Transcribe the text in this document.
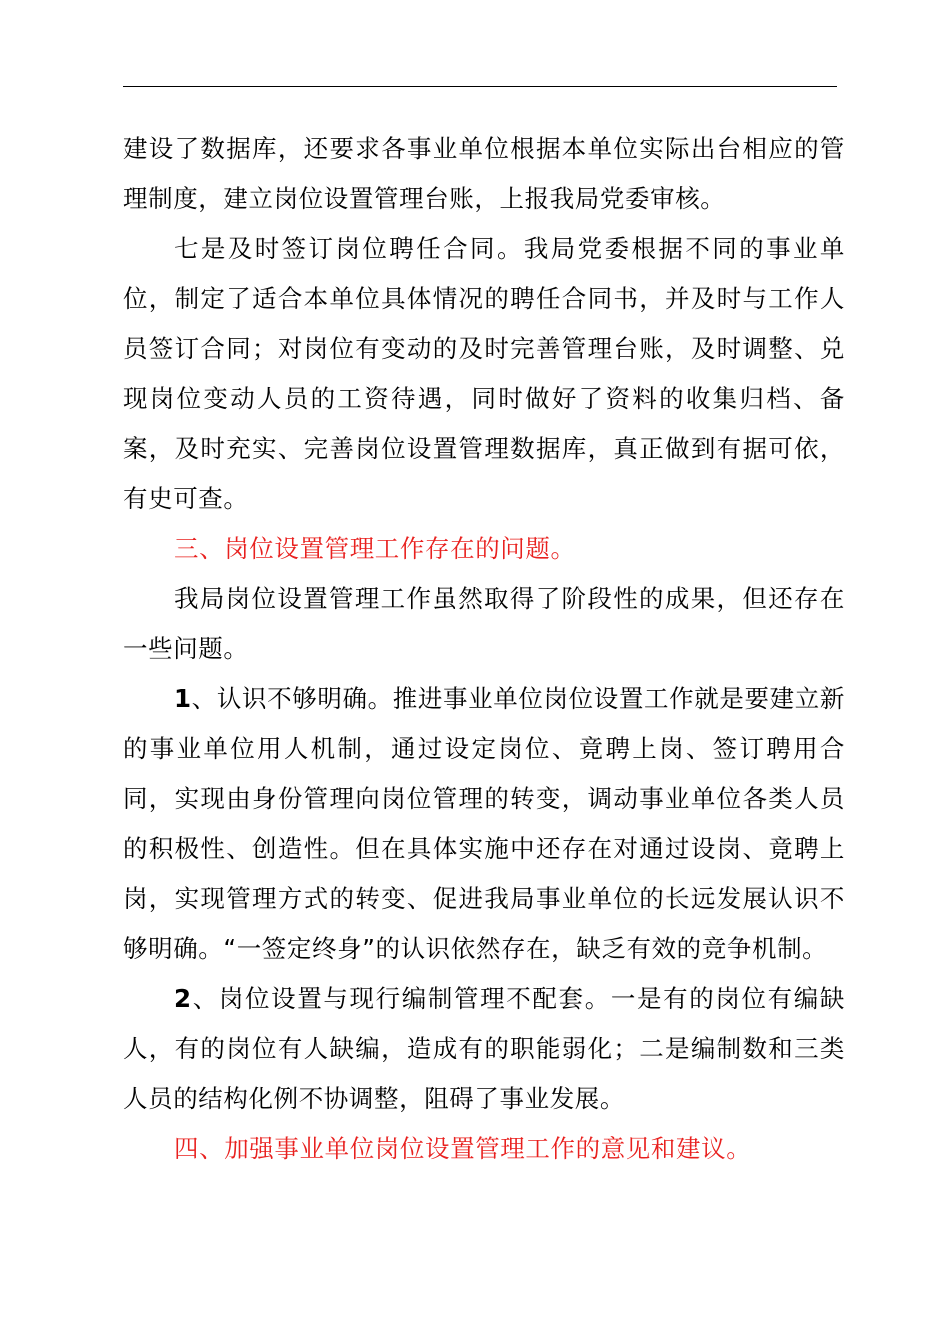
建设了数据库，还要求各事业单位根据本单位实际出台相应的管理制度，建立岗位设置管理台账，上报我局党委审核。

七是及时签订岗位聘任合同。我局党委根据不同的事业单位，制定了适合本单位具体情况的聘任合同书，并及时与工作人员签订合同；对岗位有变动的及时完善管理台账，及时调整、兑现岗位变动人员的工资待遇，同时做好了资料的收集归档、备案，及时充实、完善岗位设置管理数据库，真正做到有据可依，有史可查。

三、岗位设置管理工作存在的问题。

我局岗位设置管理工作虽然取得了阶段性的成果，但还存在一些问题。

1、认识不够明确。推进事业单位岗位设置工作就是要建立新的事业单位用人机制，通过设定岗位、竟聘上岗、签订聘用合同，实现由身份管理向岗位管理的转变，调动事业单位各类人员的积极性、创造性。但在具体实施中还存在对通过设岗、竟聘上岗，实现管理方式的转变、促进我局事业单位的长远发展认识不够明确。“一签定终身”的认识依然存在，缺乏有效的竞争机制。

2、岗位设置与现行编制管理不配套。一是有的岗位有编缺人，有的岗位有人缺编，造成有的职能弱化；二是编制数和三类人员的结构化例不协调整，阻碍了事业发展。

四、加强事业单位岗位设置管理工作的意见和建议。
